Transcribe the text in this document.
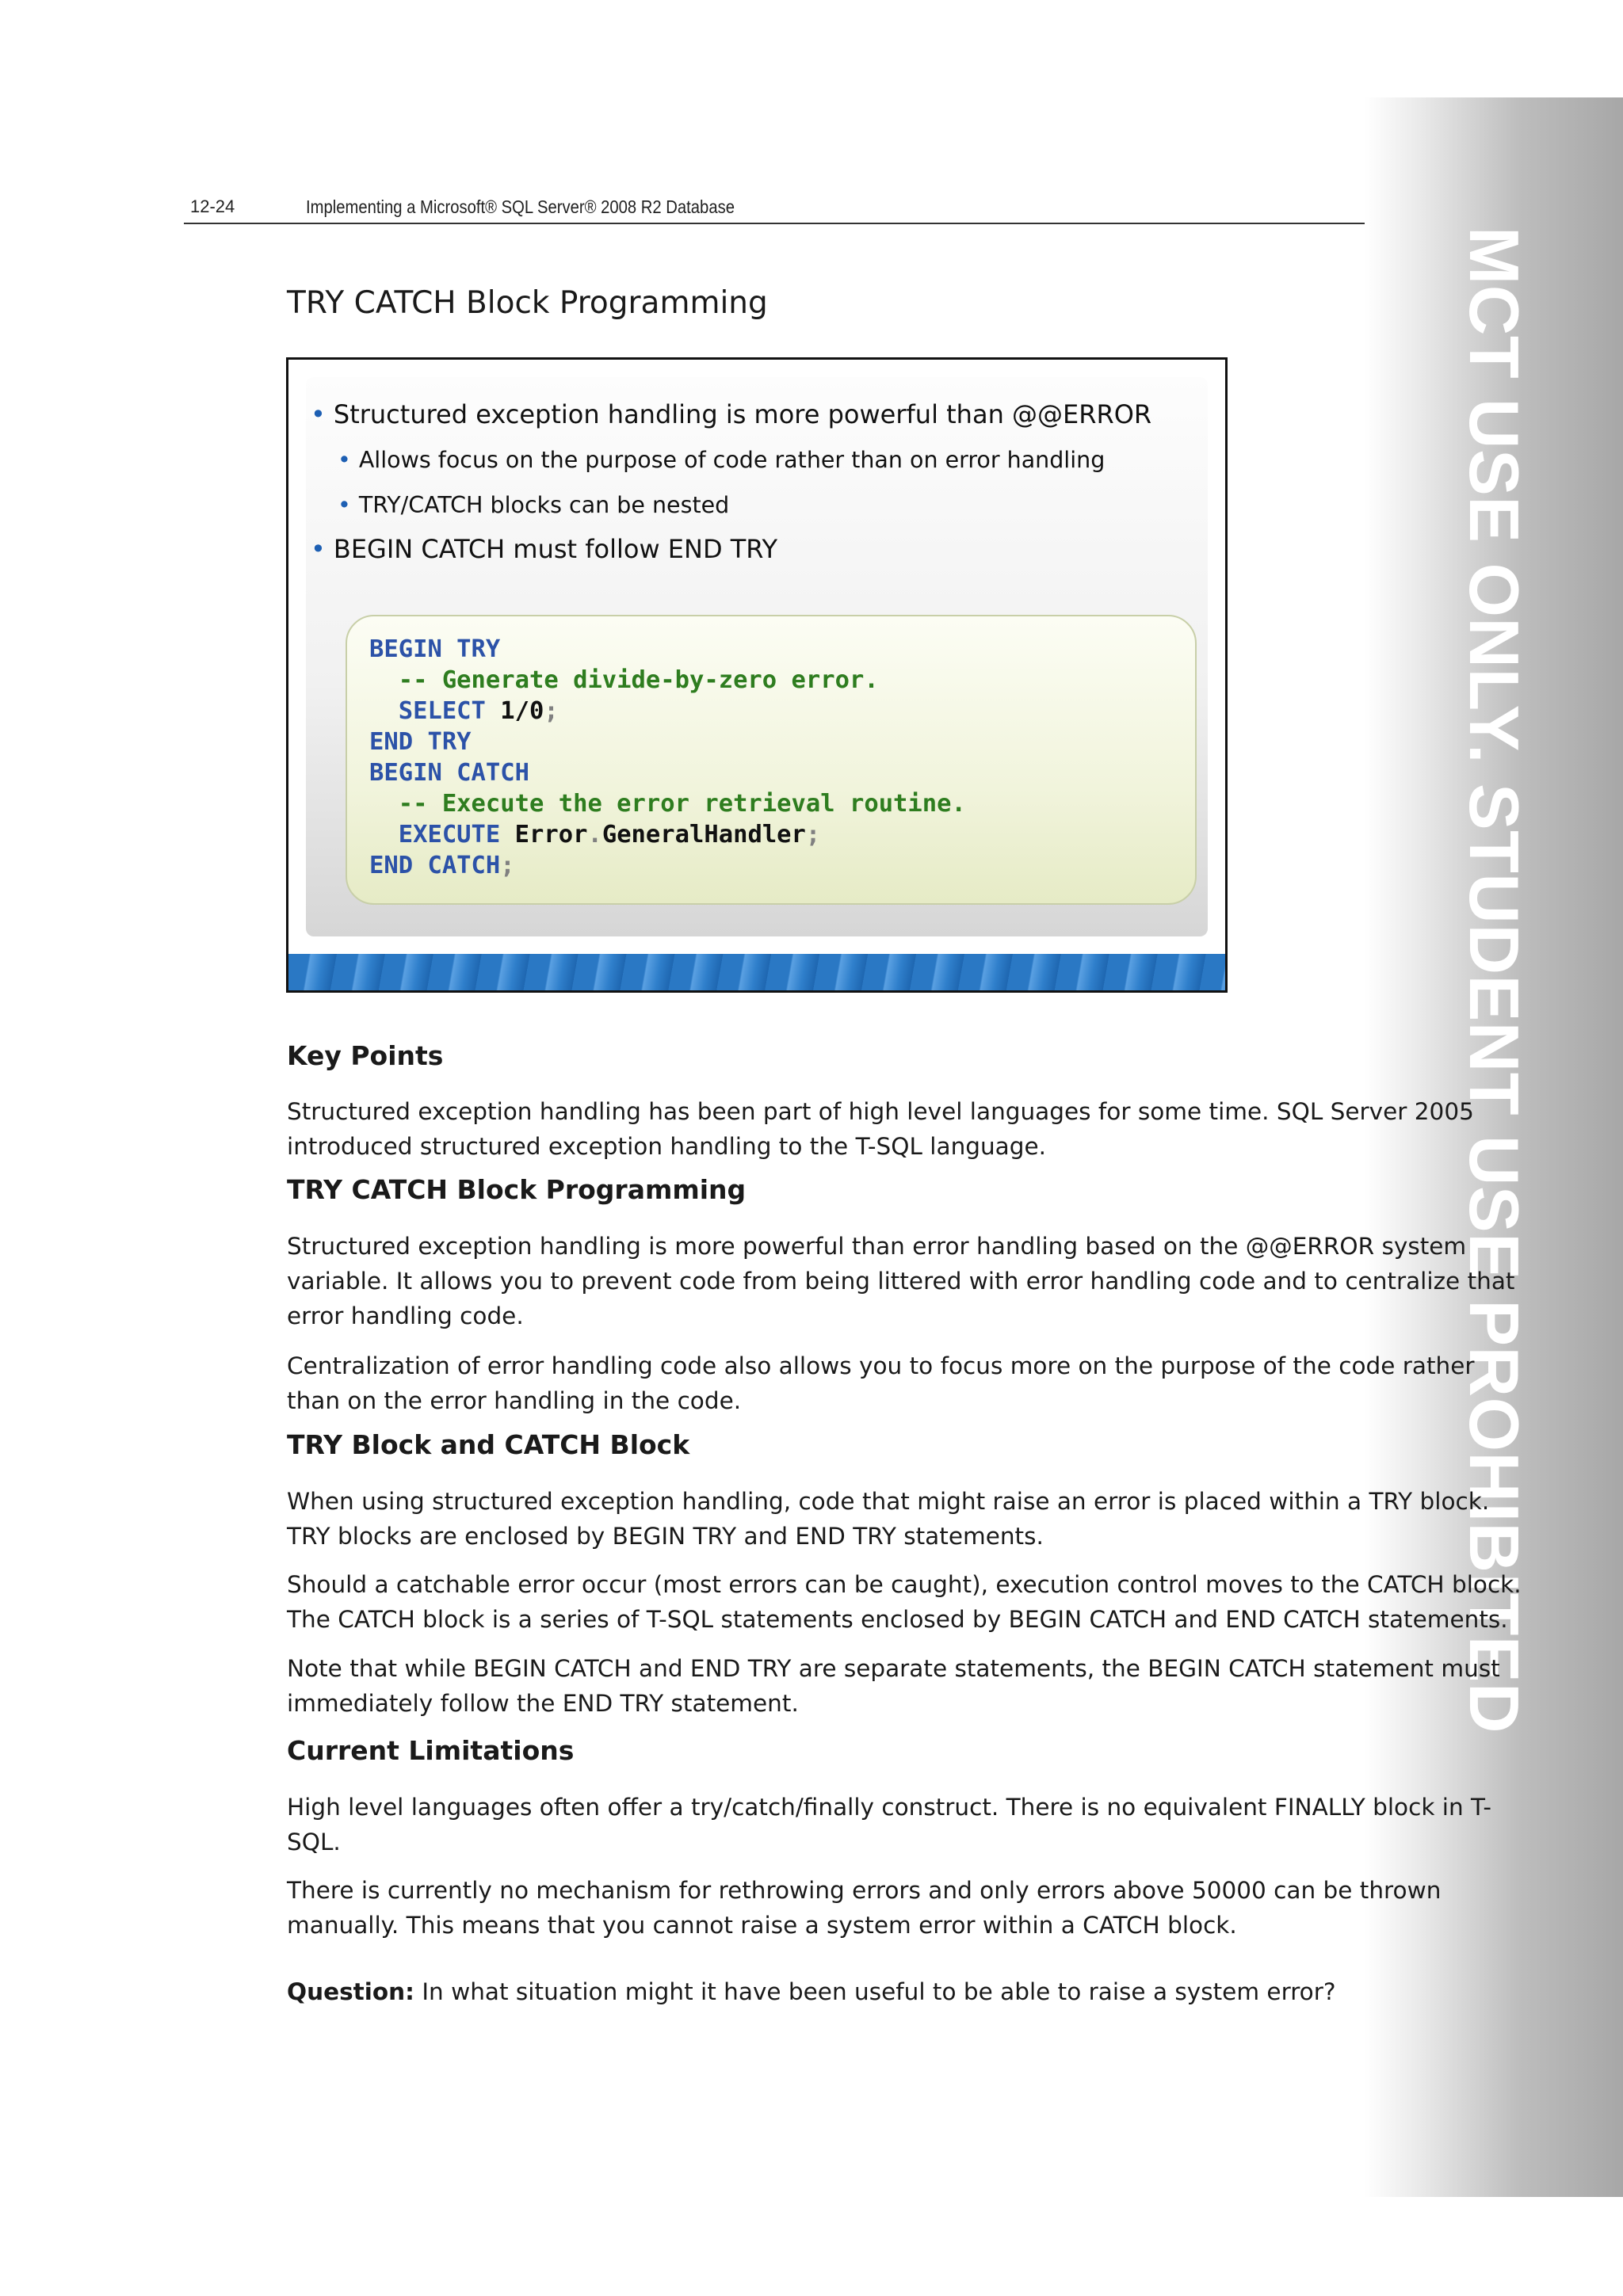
12-24	Implementing a Microsoft® SQL Server® 2008 R2 Database
MCT USE ONLY. STUDENT USE PROHIBITED
TRY CATCH Block Programming
• Structured exception handling is more powerful than @@ERROR
• Allows focus on the purpose of code rather than on error handling
• TRY/CATCH blocks can be nested
• BEGIN CATCH must follow END TRY
BEGIN TRY
-- Generate divide-by-zero error.
SELECT 1/0;
END TRY
BEGIN CATCH
-- Execute the error retrieval routine.
EXECUTE Error.GeneralHandler;
END CATCH;
Key Points

Structured exception handling has been part of high level languages for some time. SQL Server 2005
introduced structured exception handling to the T-SQL language.

TRY CATCH Block Programming

Structured exception handling is more powerful than error handling based on the @@ERROR system
variable. It allows you to prevent code from being littered with error handling code and to centralize that
error handling code.

Centralization of error handling code also allows you to focus more on the purpose of the code rather
than on the error handling in the code.

TRY Block and CATCH Block

When using structured exception handling, code that might raise an error is placed within a TRY block.
TRY blocks are enclosed by BEGIN TRY and END TRY statements.

Should a catchable error occur (most errors can be caught), execution control moves to the CATCH block.
The CATCH block is a series of T-SQL statements enclosed by BEGIN CATCH and END CATCH statements.

Note that while BEGIN CATCH and END TRY are separate statements, the BEGIN CATCH statement must
immediately follow the END TRY statement.

Current Limitations

High level languages often offer a try/catch/finally construct. There is no equivalent FINALLY block in T-
SQL.

There is currently no mechanism for rethrowing errors and only errors above 50000 can be thrown
manually. This means that you cannot raise a system error within a CATCH block.

Question: In what situation might it have been useful to be able to raise a system error?
